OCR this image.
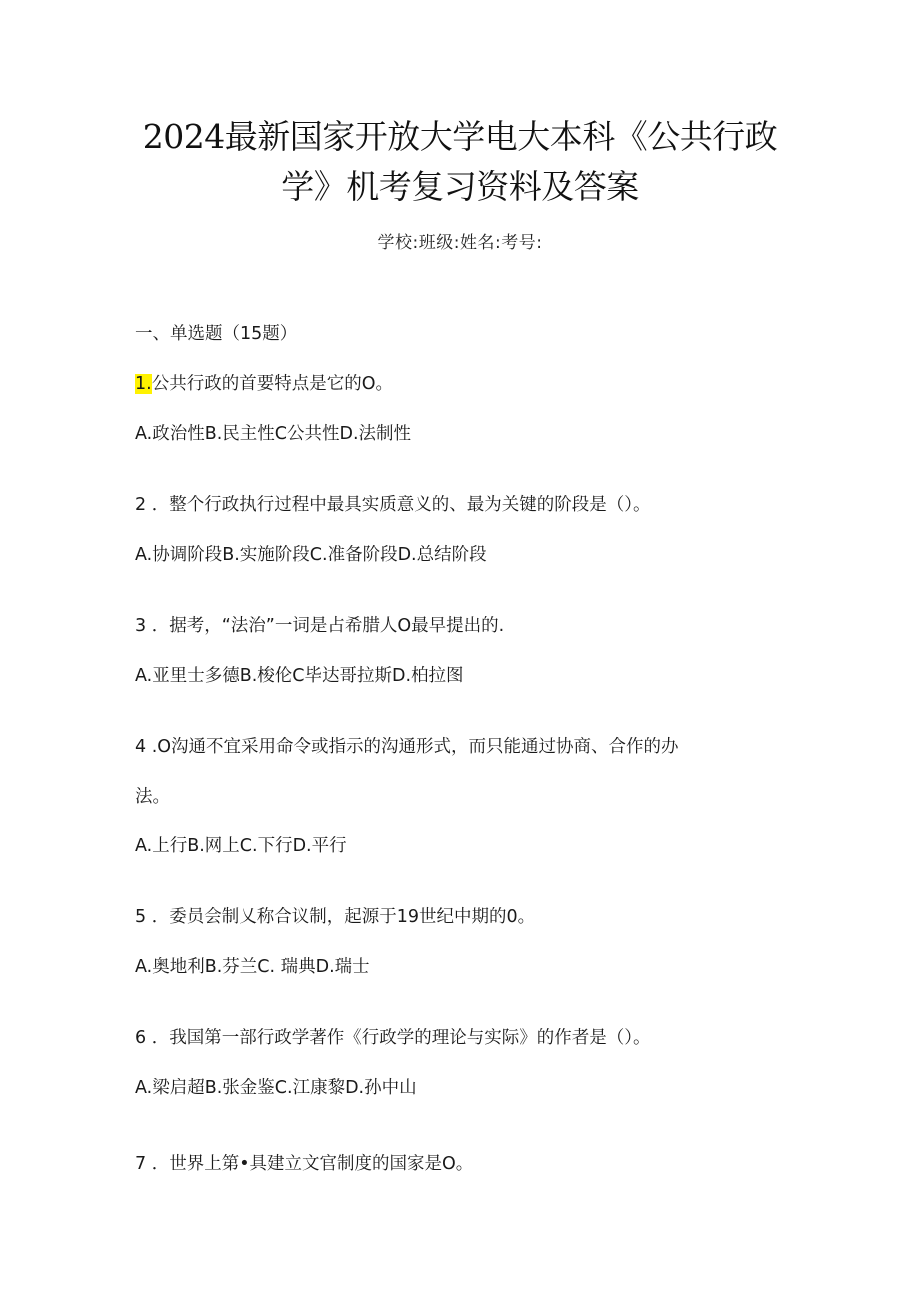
2024最新国家开放大学电大本科《公共行政
学》机考复习资料及答案
学校:班级:姓名:考号:
一、单选题（15题）
1.公共行政的首要特点是它的O。
A.政治性B.民主性C公共性D.法制性
2 ．整个行政执行过程中最具实质意义的、最为关键的阶段是（）。
A.协调阶段B.实施阶段C.准备阶段D.总结阶段
3 ．据考，“法治”一词是占希腊人O最早提出的.
A.亚里士多德B.梭伦C毕达哥拉斯D.柏拉图
4 .O沟通不宜采用命令或指示的沟通形式，而只能通过协商、合作的办
法。
A.上行B.网上C.下行D.平行
5 ．委员会制乂称合议制，起源于19世纪中期的0。
A.奥地利B.芬兰C. 瑞典D.瑞士
6 ．我国第一部行政学著作《行政学的理论与实际》的作者是（）。
A.梁启超B.张金鉴C.江康黎D.孙中山
7 ．世界上第•具建立文官制度的国家是O。
